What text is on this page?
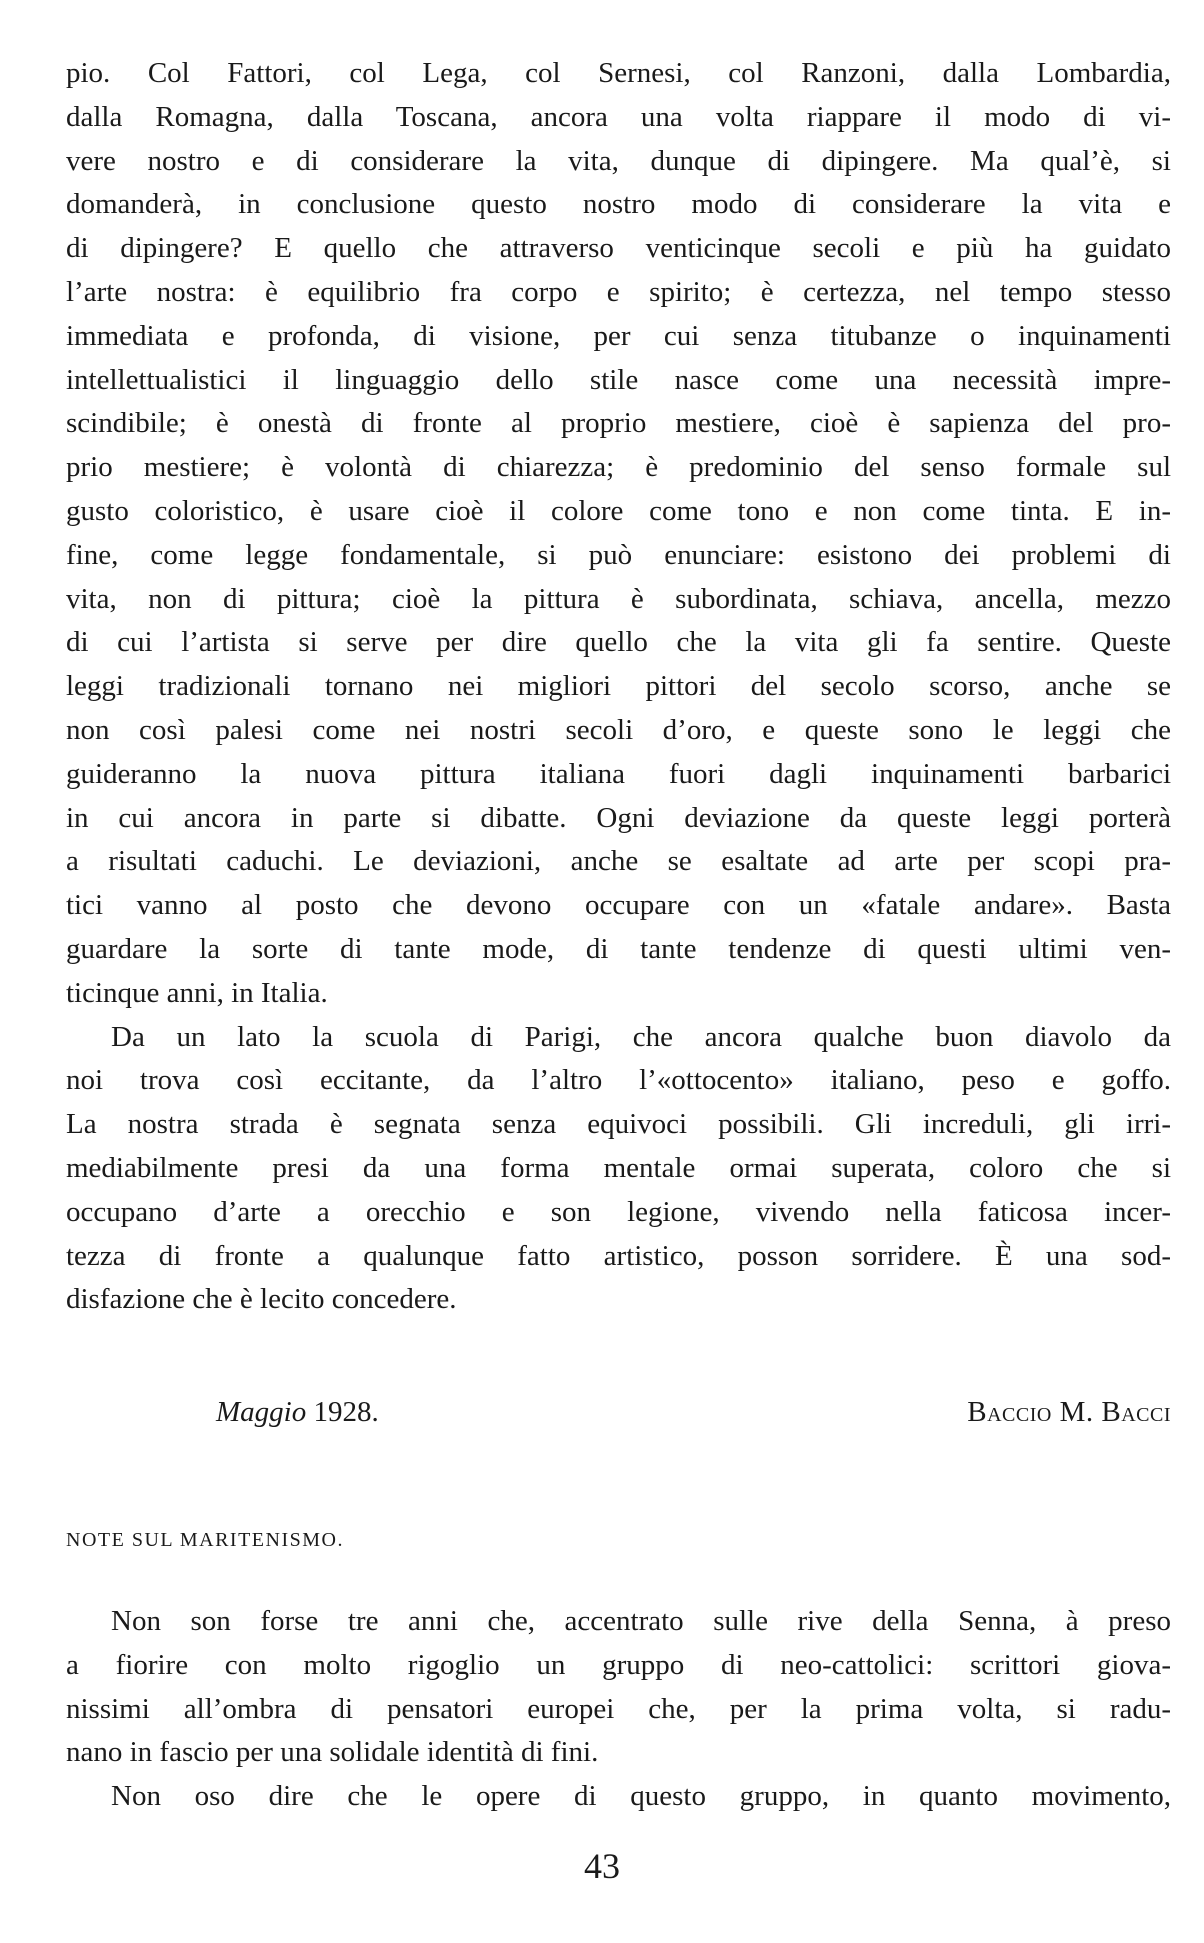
pio. Col Fattori, col Lega, col Sernesi, col Ranzoni, dalla Lombardia,
dalla Romagna, dalla Toscana, ancora una volta riappare il modo di vi-
vere nostro e di considerare la vita, dunque di dipingere. Ma qual’è, si
domanderà, in conclusione questo nostro modo di considerare la vita e
di dipingere? E quello che attraverso venticinque secoli e più ha guidato
l’arte nostra: è equilibrio fra corpo e spirito; è certezza, nel tempo stesso
immediata e profonda, di visione, per cui senza titubanze o inquinamenti
intellettualistici il linguaggio dello stile nasce come una necessità impre-
scindibile; è onestà di fronte al proprio mestiere, cioè è sapienza del pro-
prio mestiere; è volontà di chiarezza; è predominio del senso formale sul
gusto coloristico, è usare cioè il colore come tono e non come tinta. E in-
fine, come legge fondamentale, si può enunciare: esistono dei problemi di
vita, non di pittura; cioè la pittura è subordinata, schiava, ancella, mezzo
di cui l’artista si serve per dire quello che la vita gli fa sentire. Queste
leggi tradizionali tornano nei migliori pittori del secolo scorso, anche se
non così palesi come nei nostri secoli d’oro, e queste sono le leggi che
guideranno la nuova pittura italiana fuori dagli inquinamenti barbarici
in cui ancora in parte si dibatte. Ogni deviazione da queste leggi porterà
a risultati caduchi. Le deviazioni, anche se esaltate ad arte per scopi pra-
tici vanno al posto che devono occupare con un «fatale andare». Basta
guardare la sorte di tante mode, di tante tendenze di questi ultimi ven-
ticinque anni, in Italia.
Da un lato la scuola di Parigi, che ancora qualche buon diavolo da
noi trova così eccitante, da l’altro l’«ottocento» italiano, peso e goffo.
La nostra strada è segnata senza equivoci possibili. Gli increduli, gli irri-
mediabilmente presi da una forma mentale ormai superata, coloro che si
occupano d’arte a orecchio e son legione, vivendo nella faticosa incer-
tezza di fronte a qualunque fatto artistico, posson sorridere. È una sod-
disfazione che è lecito concedere.
Maggio 1928.	Baccio M. Bacci
NOTE SUL MARITENISMO.
Non son forse tre anni che, accentrato sulle rive della Senna, à preso
a fiorire con molto rigoglio un gruppo di neo-cattolici: scrittori giova-
nissimi all’ombra di pensatori europei che, per la prima volta, si radu-
nano in fascio per una solidale identità di fini.
Non oso dire che le opere di questo gruppo, in quanto movimento,
43
